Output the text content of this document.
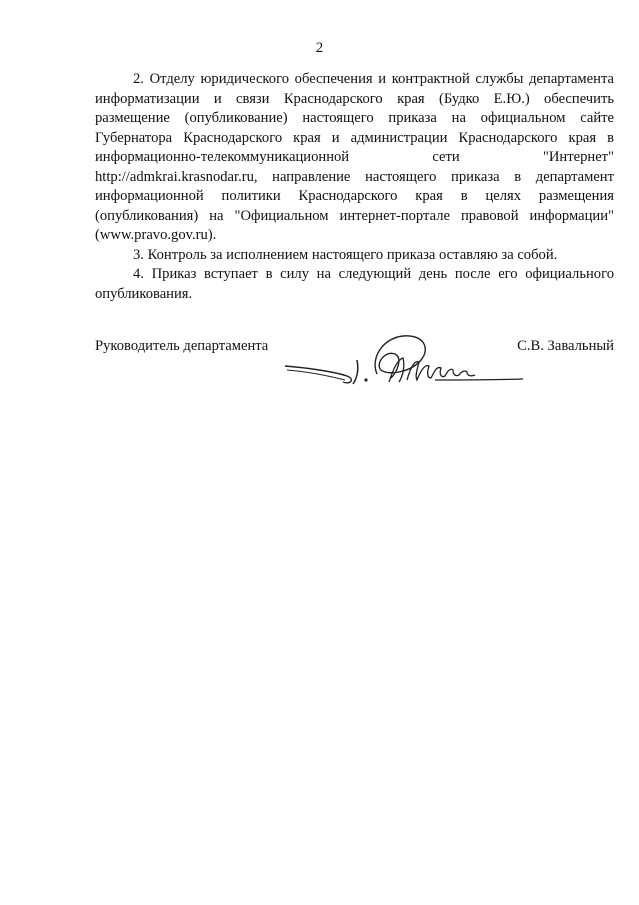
2

2. Отделу юридического обеспечения и контрактной службы департамента информатизации и связи Краснодарского края (Будко Е.Ю.) обеспечить размещение (опубликование) настоящего приказа на официальном сайте Губернатора Краснодарского края и администрации Краснодарского края в информационно-телекоммуникационной сети "Интернет" http://admkrai.krasnodar.ru, направление настоящего приказа в департамент информационной политики Краснодарского края в целях размещения (опубликования) на "Официальном интернет-портале правовой информации" (www.pravo.gov.ru).

3. Контроль за исполнением настоящего приказа оставляю за собой.

4. Приказ вступает в силу на следующий день после его официального опубликования.

Руководитель департамента	С.В. Завальный
